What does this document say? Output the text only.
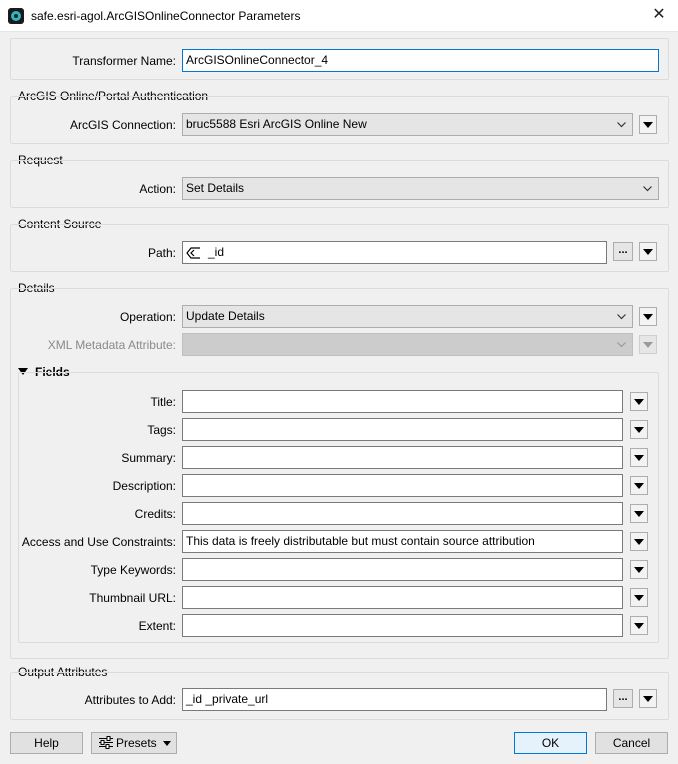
safe.esri-agol.ArcGISOnlineConnector Parameters	✕
Transformer Name: ArcGISOnlineConnector_4
ArcGIS Online/Portal Authentication
ArcGIS Connection: bruc5588 Esri ArcGIS Online New
Request
Action: Set Details
Content Source
Path:	_id	...
Details
Operation: Update Details
XML Metadata Attribute:
Fields
Title:
Tags:
Summary:
Description:
Credits:
Access and Use Constraints: This data is freely distributable but must contain source attribution
Type Keywords:
Thumbnail URL:
Extent:
Output Attributes
Attributes to Add: _id _private_url	...
Help	Presets	OK	Cancel
